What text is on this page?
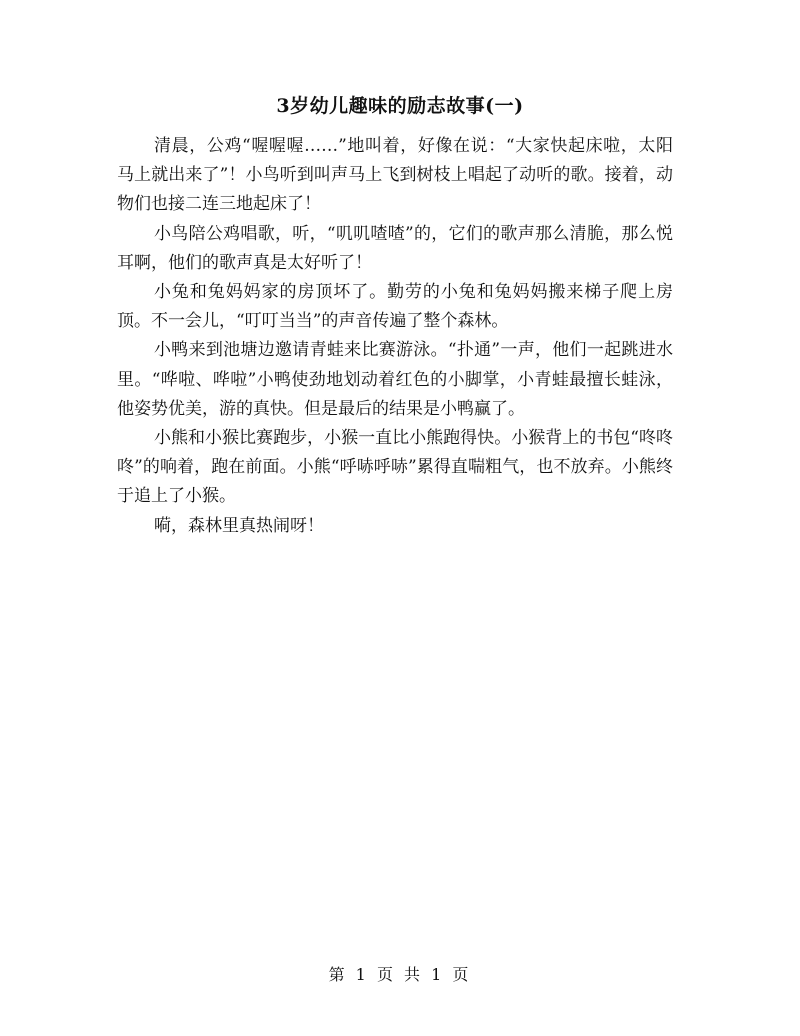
3岁幼儿趣味的励志故事(一)

清晨，公鸡“喔喔喔……”地叫着，好像在说：“大家快起床啦，太阳马上就出来了”！小鸟听到叫声马上飞到树枝上唱起了动听的歌。接着，动物们也接二连三地起床了！

小鸟陪公鸡唱歌，听，“叽叽喳喳”的，它们的歌声那么清脆，那么悦耳啊，他们的歌声真是太好听了！

小兔和兔妈妈家的房顶坏了。勤劳的小兔和兔妈妈搬来梯子爬上房顶。不一会儿，“叮叮当当”的声音传遍了整个森林。

小鸭来到池塘边邀请青蛙来比赛游泳。“扑通”一声，他们一起跳进水里。“哗啦、哗啦”小鸭使劲地划动着红色的小脚掌，小青蛙最擅长蛙泳，他姿势优美，游的真快。但是最后的结果是小鸭赢了。

小熊和小猴比赛跑步，小猴一直比小熊跑得快。小猴背上的书包“咚咚咚”的响着，跑在前面。小熊“呼哧呼哧”累得直喘粗气，也不放弃。小熊终于追上了小猴。

嗬，森林里真热闹呀！

第 1 页 共 1 页
